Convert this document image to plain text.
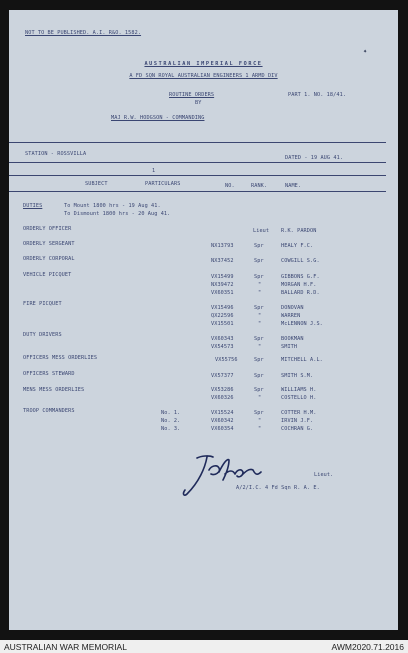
✦
NOT TO BE PUBLISHED. A.I. R&O. 1582.
AUSTRALIAN IMPERIAL FORCE
A FD SQN ROYAL AUSTRALIAN ENGINEERS 1 ARMD DIV
ROUTINE ORDERS	PART 1. NO. 18/41.
BY
MAJ R.W. HODGSON - COMMANDING
STATION - ROSSVILLA
DATED - 19 AUG 41.
1
SUBJECT	PARTICULARS	NO.	RANK.	NAME.
DUTIES	To Mount 1800 hrs - 19 Aug 41.
To Dismount 1800 hrs - 20 Aug 41.
ORDERLY OFFICER	Lieut R.K. PARDON
ORDERLY SERGEANT	NX13793	Spr	HEALY F.C.
ORDERLY CORPORAL	NX37452	Spr	COWGILL S.G.
VEHICLE PICQUET	VX15499	Spr	GIBBONS G.F.
NX39472	"	MORGAN H.F.
VX60351	"	BALLARD R.D.
FIRE PICQUET
VX15496	Spr	DONOVAN
QX22596	"	WARREN
VX15501	"	McLENNON J.S.
DUTY DRIVERS
VX60343	Spr	BOOKMAN
VX54573	"	SMITH
OFFICERS MESS ORDERLIES	VX55756	Spr	MITCHELL A.L.
OFFICERS STEWARD	VX57377	Spr	SMITH S.M.
MENS MESS ORDERLIES	VX53286	Spr	WILLIAMS H.
VX60326	"	COSTELLO H.
TROOP COMMANDERS	No. 1.	VX15524	Spr	COTTER H.M.
No. 2.	VX60342	"	IRVIN J.F.
No. 3.	VX60354	"	COCHRAN G.
Lieut.
A/2/I.C. 4 Fd Sqn R. A. E.
AUSTRALIAN WAR MEMORIAL	AWM2020.71.2016
